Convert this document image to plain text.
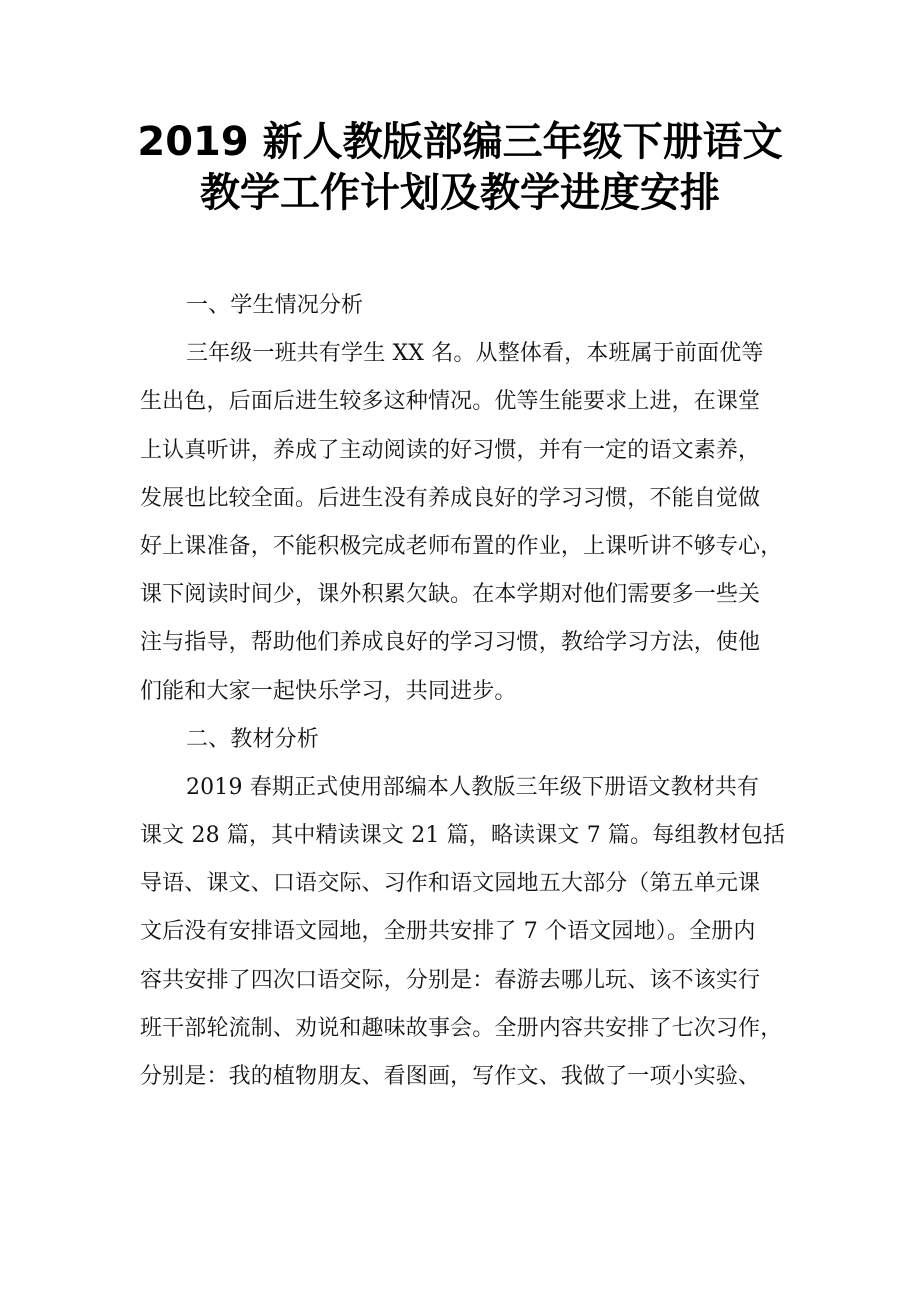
2019 新人教版部编三年级下册语文
教学工作计划及教学进度安排
一、学生情况分析
三年级一班共有学生 XX 名。从整体看，本班属于前面优等
生出色，后面后进生较多这种情况。优等生能要求上进，在课堂
上认真听讲，养成了主动阅读的好习惯，并有一定的语文素养，
发展也比较全面。后进生没有养成良好的学习习惯，不能自觉做
好上课准备，不能积极完成老师布置的作业，上课听讲不够专心，
课下阅读时间少，课外积累欠缺。在本学期对他们需要多一些关
注与指导，帮助他们养成良好的学习习惯，教给学习方法，使他
们能和大家一起快乐学习，共同进步。
二、教材分析
2019 春期正式使用部编本人教版三年级下册语文教材共有
课文 28 篇，其中精读课文 21 篇，略读课文 7 篇。每组教材包括
导语、课文、口语交际、习作和语文园地五大部分（第五单元课
文后没有安排语文园地，全册共安排了 7 个语文园地）。全册内
容共安排了四次口语交际，分别是：春游去哪儿玩、该不该实行
班干部轮流制、劝说和趣味故事会。全册内容共安排了七次习作，
分别是：我的植物朋友、看图画，写作文、我做了一项小实验、
